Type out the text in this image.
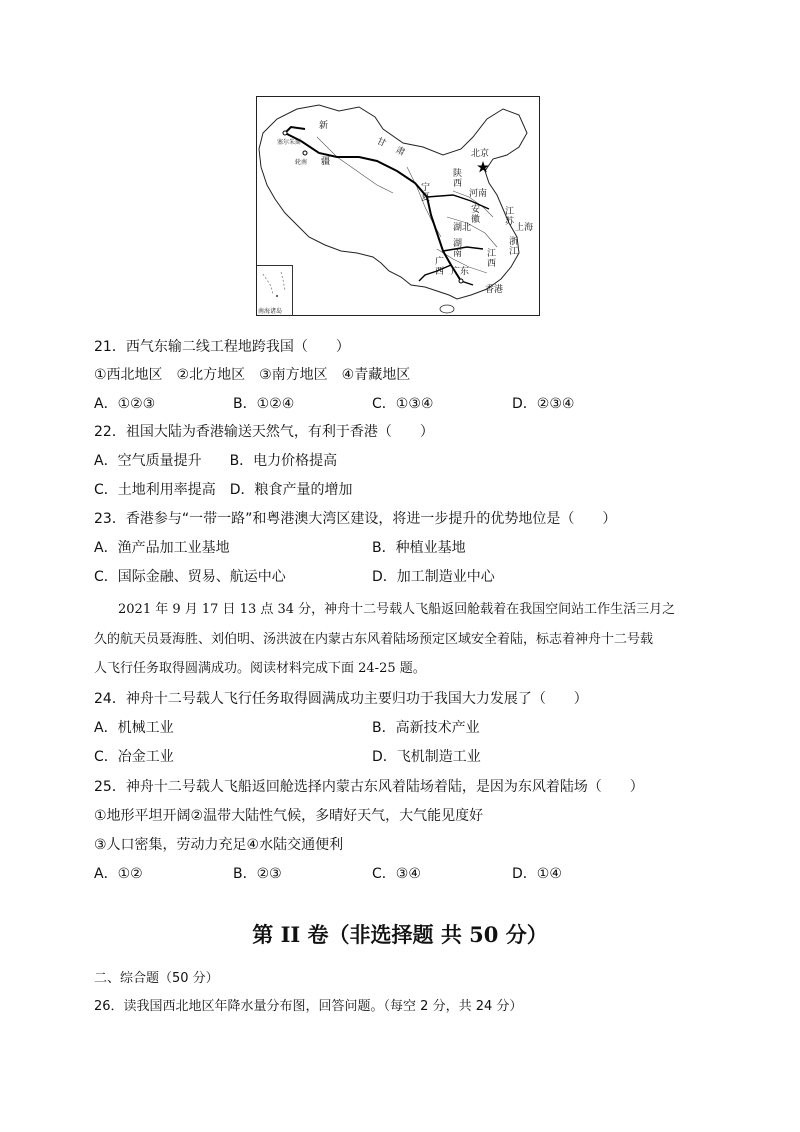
新
疆
塞尔朱斯
轮南	甘肃	北京
陕西
宁夏	河南
安徽
江苏
上海
湖北
湖南
浙江
江西
广西 广东
香港
南海诸岛
21．西气东输二线工程地跨我国（　　）
①西北地区　②北方地区　③南方地区　④青藏地区
A．①②③	B．①②④	C．①③④	D．②③④
22．祖国大陆为香港输送天然气，有利于香港（　　）
A．空气质量提升　　B．电力价格提高
C．土地利用率提高　D．粮食产量的增加
23．香港参与“一带一路”和粤港澳大湾区建设，将进一步提升的优势地位是（　　）
A．渔产品加工业基地	B．种植业基地
C．国际金融、贸易、航运中心	D．加工制造业中心
2021 年 9 月 17 日 13 点 34 分，神舟十二号载人飞船返回舱载着在我国空间站工作生活三月之
久的航天员聂海胜、刘伯明、汤洪波在内蒙古东风着陆场预定区域安全着陆，标志着神舟十二号载
人飞行任务取得圆满成功。阅读材料完成下面 24-25 题。
24．神舟十二号载人飞行任务取得圆满成功主要归功于我国大力发展了（　　）
A．机械工业	B．高新技术产业
C．冶金工业	D．飞机制造工业
25．神舟十二号载人飞船返回舱选择内蒙古东风着陆场着陆，是因为东风着陆场（　　）
①地形平坦开阔②温带大陆性气候，多晴好天气，大气能见度好
③人口密集，劳动力充足④水陆交通便利
A．①②	B．②③	C．③④	D．①④
第 II 卷（非选择题 共 50 分）
二、综合题（50 分）
26．读我国西北地区年降水量分布图，回答问题。（每空 2 分，共 24 分）
